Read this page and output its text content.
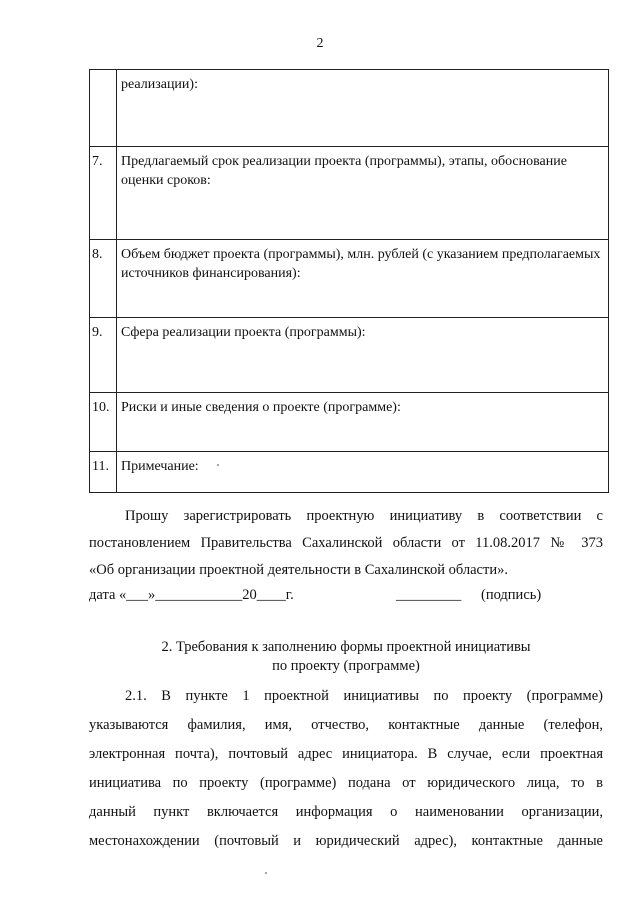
2
	реализации):
7.	Предлагаемый срок реализации проекта (программы), этапы, обоснование оценки сроков:
8.	Объем бюджет проекта (программы), млн. рублей (с указанием предполагаемых источников финансирования):
9.	Сфера реализации проекта (программы):
10.	Риски и иные сведения о проекте (программе):
11.	Примечание:

Прошу зарегистрировать проектную инициативу в соответствии с

постановлением Правительства Сахалинской области от 11.08.2017 № 373

«Об организации проектной деятельности в Сахалинской области».

дата «___»____________20____г.	_________ (подпись)
2. Требования к заполнению формы проектной инициативы
по проекту (программе)

2.1. В пункте 1 проектной инициативы по проекту (программе)

указываются фамилия, имя, отчество, контактные данные (телефон,

электронная почта), почтовый адрес инициатора. В случае, если проектная

инициатива по проекту (программе) подана от юридического лица, то в

данный пункт включается информация о наименовании организации,

местонахождении (почтовый и юридический адрес), контактные данные
